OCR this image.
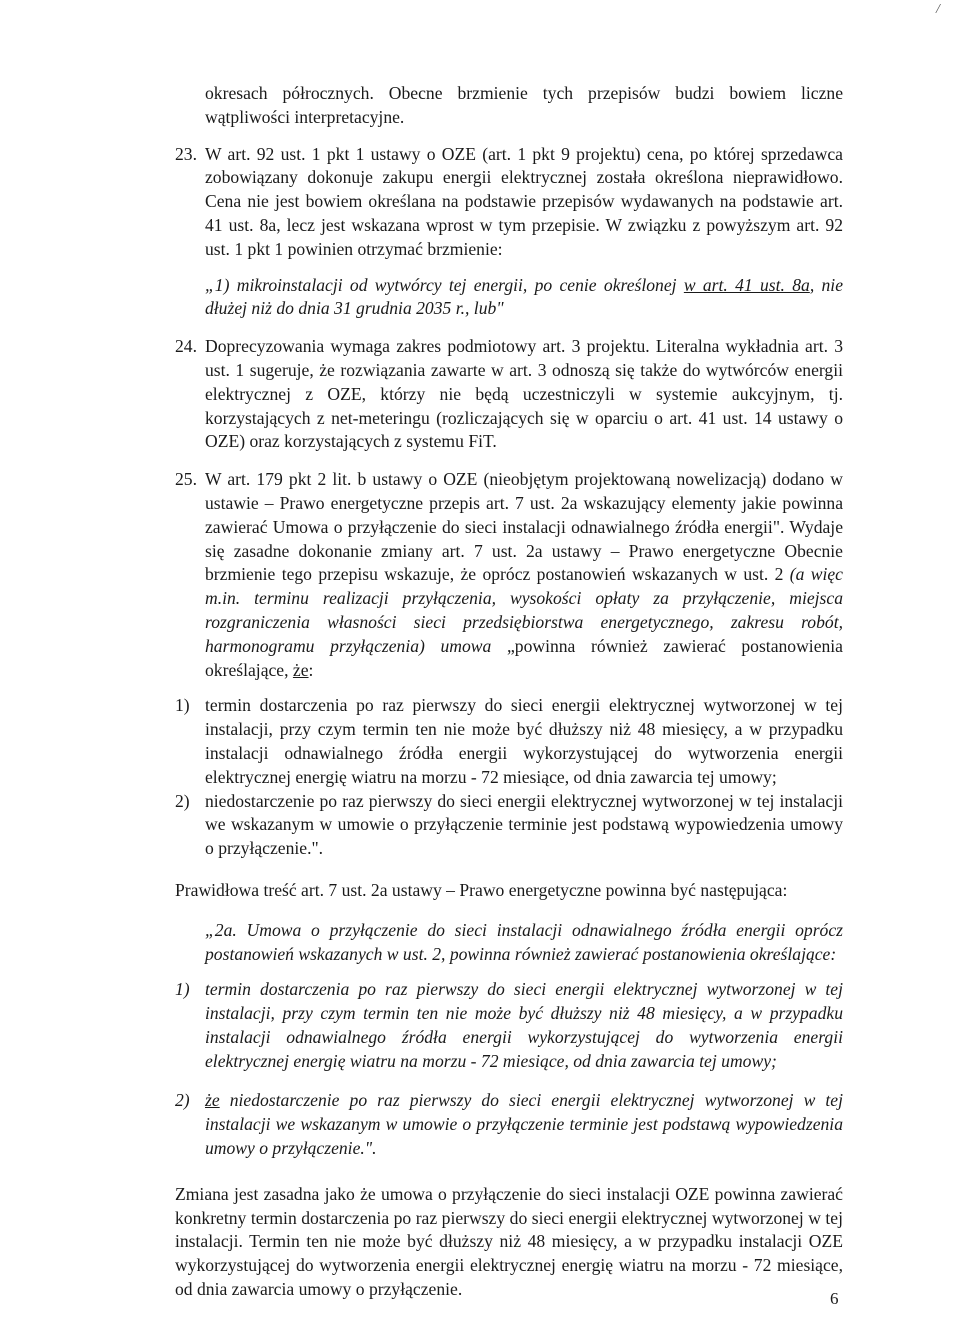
/

okresach półrocznych. Obecne brzmienie tych przepisów budzi bowiem liczne wątpliwości interpretacyjne.

23. W art. 92 ust. 1 pkt 1 ustawy o OZE (art. 1 pkt 9 projektu) cena, po której sprzedawca zobowiązany dokonuje zakupu energii elektrycznej została określona nieprawidłowo. Cena nie jest bowiem określana na podstawie przepisów wydawanych na podstawie art. 41 ust. 8a, lecz jest wskazana wprost w tym przepisie. W związku z powyższym art. 92 ust. 1 pkt 1 powinien otrzymać brzmienie:

„1) mikroinstalacji od wytwórcy tej energii, po cenie określonej w art. 41 ust. 8a, nie dłużej niż do dnia 31 grudnia 2035 r., lub"

24. Doprecyzowania wymaga zakres podmiotowy art. 3 projektu. Literalna wykładnia art. 3 ust. 1 sugeruje, że rozwiązania zawarte w art. 3 odnoszą się także do wytwórców energii elektrycznej z OZE, którzy nie będą uczestniczyli w systemie aukcyjnym, tj. korzystających z net-meteringu (rozliczających się w oparciu o art. 41 ust. 14 ustawy o OZE) oraz korzystających z systemu FiT.

25. W art. 179 pkt 2 lit. b ustawy o OZE (nieobjętym projektowaną nowelizacją) dodano w ustawie – Prawo energetyczne przepis art. 7 ust. 2a wskazujący elementy jakie powinna zawierać Umowa o przyłączenie do sieci instalacji odnawialnego źródła energii". Wydaje się zasadne dokonanie zmiany art. 7 ust. 2a ustawy – Prawo energetyczne Obecnie brzmienie tego przepisu wskazuje, że oprócz postanowień wskazanych w ust. 2 (a więc m.in. terminu realizacji przyłączenia, wysokości opłaty za przyłączenie, miejsca rozgraniczenia własności sieci przedsiębiorstwa energetycznego, zakresu robót, harmonogramu przyłączenia) umowa „powinna również zawierać postanowienia określające, że:

1) termin dostarczenia po raz pierwszy do sieci energii elektrycznej wytworzonej w tej instalacji, przy czym termin ten nie może być dłuższy niż 48 miesięcy, a w przypadku instalacji odnawialnego źródła energii wykorzystującej do wytworzenia energii elektrycznej energię wiatru na morzu - 72 miesiące, od dnia zawarcia tej umowy;

2) niedostarczenie po raz pierwszy do sieci energii elektrycznej wytworzonej w tej instalacji we wskazanym w umowie o przyłączenie terminie jest podstawą wypowiedzenia umowy o przyłączenie.".

Prawidłowa treść art. 7 ust. 2a ustawy – Prawo energetyczne powinna być następująca:

„2a. Umowa o przyłączenie do sieci instalacji odnawialnego źródła energii oprócz postanowień wskazanych w ust. 2, powinna również zawierać postanowienia określające:

1) termin dostarczenia po raz pierwszy do sieci energii elektrycznej wytworzonej w tej instalacji, przy czym termin ten nie może być dłuższy niż 48 miesięcy, a w przypadku instalacji odnawialnego źródła energii wykorzystującej do wytworzenia energii elektrycznej energię wiatru na morzu - 72 miesiące, od dnia zawarcia tej umowy;

2) że niedostarczenie po raz pierwszy do sieci energii elektrycznej wytworzonej w tej instalacji we wskazanym w umowie o przyłączenie terminie jest podstawą wypowiedzenia umowy o przyłączenie.".

Zmiana jest zasadna jako że umowa o przyłączenie do sieci instalacji OZE powinna zawierać konkretny termin dostarczenia po raz pierwszy do sieci energii elektrycznej wytworzonej w tej instalacji. Termin ten nie może być dłuższy niż 48 miesięcy, a w przypadku instalacji OZE wykorzystującej do wytworzenia energii elektrycznej energię wiatru na morzu - 72 miesiące, od dnia zawarcia umowy o przyłączenie.	6
